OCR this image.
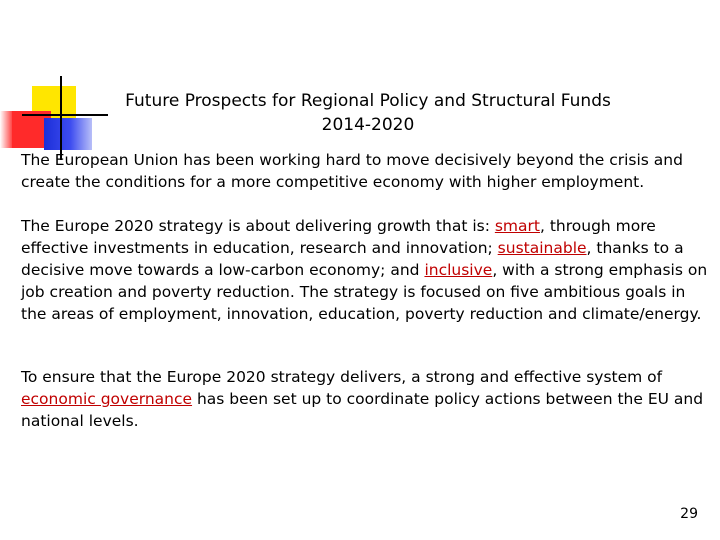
Future Prospects for Regional Policy and Structural Funds
2014-2020

The European Union has been working hard to move decisively beyond the crisis and create the conditions for a more competitive economy with higher employment.

The Europe 2020 strategy is about delivering growth that is: smart, through more effective investments in education, research and innovation; sustainable, thanks to a decisive move towards a low-carbon economy; and inclusive, with a strong emphasis on job creation and poverty reduction. The strategy is focused on five ambitious goals in the areas of employment, innovation, education, poverty reduction and climate/energy.

To ensure that the Europe 2020 strategy delivers, a strong and effective system of economic governance has been set up to coordinate policy actions between the EU and national levels.

29
